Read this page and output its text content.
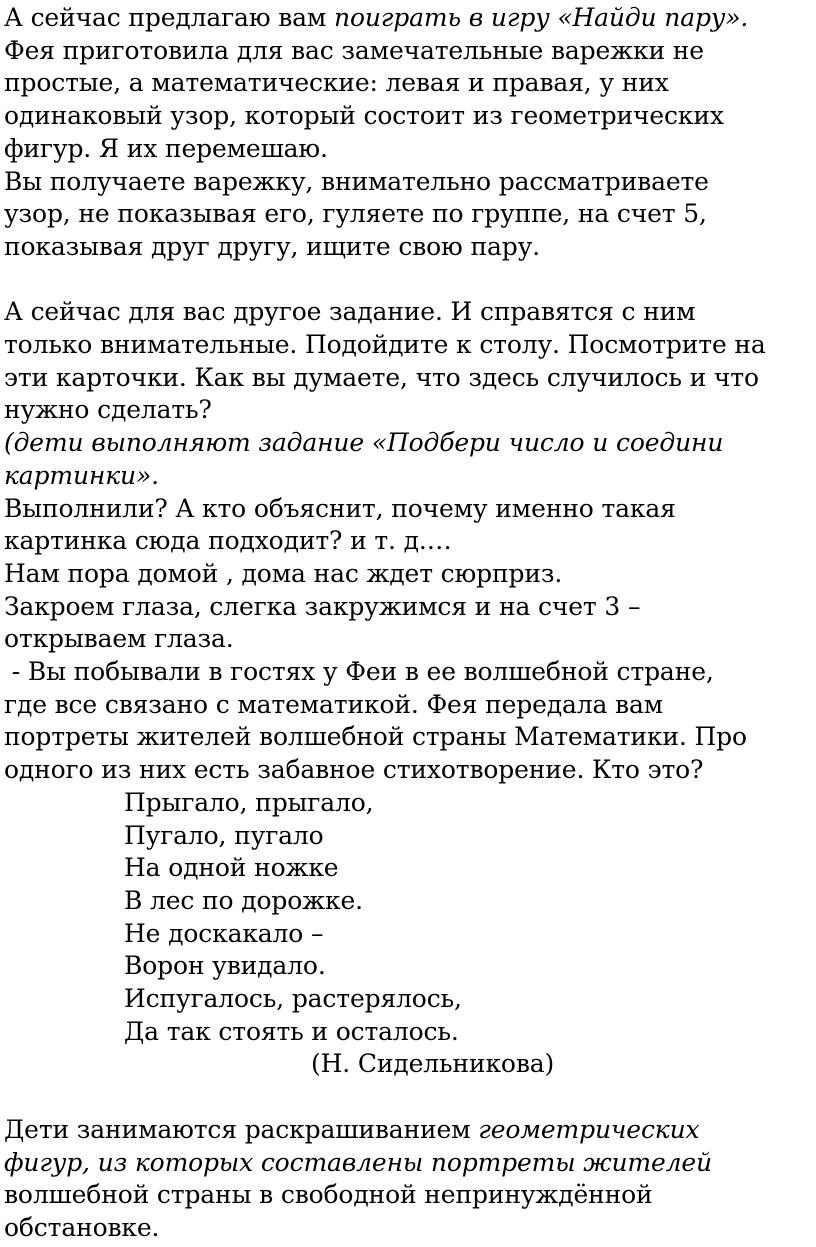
А сейчас предлагаю вам поиграть в игру «Найди пару».
Фея приготовила для вас замечательные варежки не
простые, а математические: левая и правая, у них
одинаковый узор, который состоит из геометрических
фигур. Я их перемешаю.
Вы получаете варежку, внимательно рассматриваете
узор, не показывая его, гуляете по группе, на счет 5,
показывая друг другу, ищите свою пару.
А сейчас для вас другое задание. И справятся с ним
только внимательные. Подойдите к столу. Посмотрите на
эти карточки. Как вы думаете, что здесь случилось и что
нужно сделать?
(дети выполняют задание «Подбери число и соедини
картинки».
Выполнили? А кто объяснит, почему именно такая
картинка сюда подходит? и т. д.…
Нам пора домой , дома нас ждет сюрприз.
Закроем глаза, слегка закружимся и на счет 3 –
открываем глаза.
- Вы побывали в гостях у Феи в ее волшебной стране,
где все связано с математикой. Фея передала вам
портреты жителей волшебной страны Математики. Про
одного из них есть забавное стихотворение. Кто это?
Прыгало, прыгало,
Пугало, пугало
На одной ножке
В лес по дорожке.
Не доскакало –
Ворон увидало.
Испугалось, растерялось,
Да так стоять и осталось.
(Н. Сидельникова)
Дети занимаются раскрашиванием геометрических
фигур, из которых составлены портреты жителей
волшебной страны в свободной непринуждённой
обстановке.
